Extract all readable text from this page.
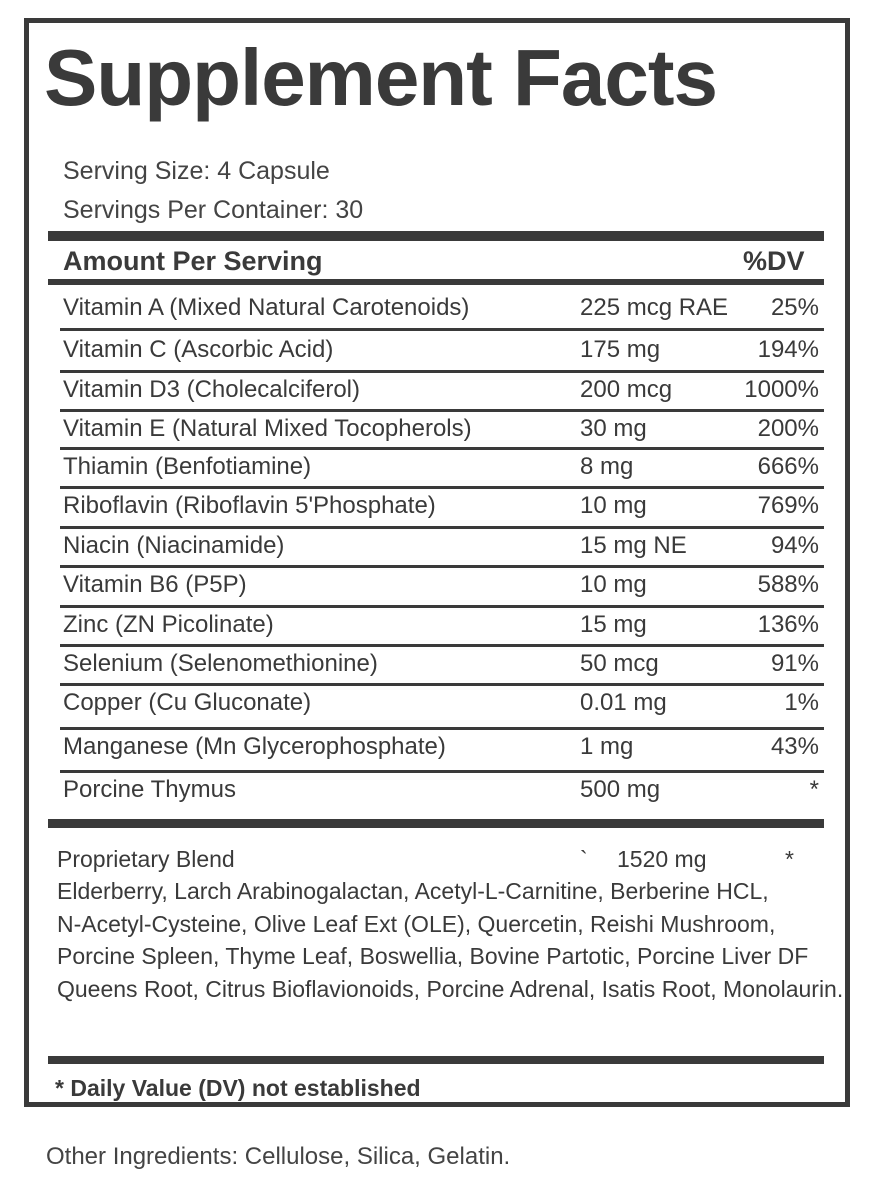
Supplement Facts
Serving Size: 4 Capsule
Servings Per Container: 30
Amount Per Serving	%DV
Vitamin A (Mixed Natural Carotenoids)	225 mcg RAE 25%
Vitamin C (Ascorbic Acid)	175 mg	194%
Vitamin D3 (Cholecalciferol)	200 mcg	1000%
Vitamin E (Natural Mixed Tocopherols)	30 mg	200%
Thiamin (Benfotiamine)	8 mg	666%
Riboflavin (Riboflavin 5'Phosphate)	10 mg	769%
Niacin (Niacinamide)	15 mg NE	94%
Vitamin B6 (P5P)	10 mg	588%
Zinc (ZN Picolinate)	15 mg	136%
Selenium (Selenomethionine)	50 mcg	91%
Copper (Cu Gluconate)	0.01 mg	1%
Manganese (Mn Glycerophosphate)	1 mg	43%
Porcine Thymus	500 mg	*
Proprietary Blend	` 1520 mg	*
Elderberry, Larch Arabinogalactan, Acetyl-L-Carnitine, Berberine HCL,
N-Acetyl-Cysteine, Olive Leaf Ext (OLE), Quercetin, Reishi Mushroom,
Porcine Spleen, Thyme Leaf, Boswellia, Bovine Partotic, Porcine Liver DF
Queens Root, Citrus Bioflavionoids, Porcine Adrenal, Isatis Root, Monolaurin.
* Daily Value (DV) not established
Other Ingredients: Cellulose, Silica, Gelatin.
